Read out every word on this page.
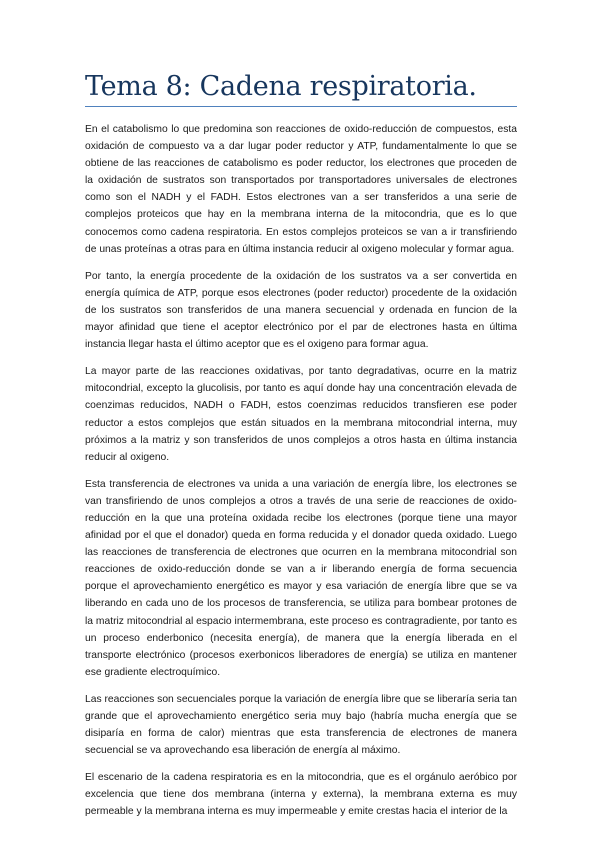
Tema 8: Cadena respiratoria.

En el catabolismo lo que predomina son reacciones de oxido-reducción de compuestos, esta oxidación de compuesto va a dar lugar poder reductor y ATP, fundamentalmente lo que se obtiene de las reacciones de catabolismo es poder reductor, los electrones que proceden de la oxidación de sustratos son transportados por transportadores universales de electrones como son el NADH y el FADH. Estos electrones van a ser transferidos a una serie de complejos proteicos que hay en la membrana interna de la mitocondria, que es lo que conocemos como cadena respiratoria. En estos complejos proteicos se van a ir transfiriendo de unas proteínas a otras para en última instancia reducir al oxigeno molecular y formar agua.

Por tanto, la energía procedente de la oxidación de los sustratos va a ser convertida en energía química de ATP, porque esos electrones (poder reductor) procedente de la oxidación de los sustratos son transferidos de una manera secuencial y ordenada en funcion de la mayor afinidad que tiene el aceptor electrónico por el par de electrones hasta en última instancia llegar hasta el último aceptor que es el oxigeno para formar agua.

La mayor parte de las reacciones oxidativas, por tanto degradativas, ocurre en la matriz mitocondrial, excepto la glucolisis, por tanto es aquí donde hay una concentración elevada de coenzimas reducidos, NADH o FADH, estos coenzimas reducidos transfieren ese poder reductor a estos complejos que están situados en la membrana mitocondrial interna, muy próximos a la matriz y son transferidos de unos complejos a otros hasta en última instancia reducir al oxigeno.

Esta transferencia de electrones va unida a una variación de energía libre, los electrones se van transfiriendo de unos complejos a otros a través de una serie de reacciones de oxido-reducción en la que una proteína oxidada recibe los electrones (porque tiene una mayor afinidad por el que el donador) queda en forma reducida y el donador queda oxidado. Luego las reacciones de transferencia de electrones que ocurren en la membrana mitocondrial son reacciones de oxido-reducción donde se van a ir liberando energía de forma secuencia porque el aprovechamiento energético es mayor y esa variación de energía libre que se va liberando en cada uno de los procesos de transferencia, se utiliza para bombear protones de la matriz mitocondrial al espacio intermembrana, este proceso es contragradiente, por tanto es un proceso enderbonico (necesita energía), de manera que la energía liberada en el transporte electrónico (procesos exerbonicos liberadores de energía) se utiliza en mantener ese gradiente electroquímico.

Las reacciones son secuenciales porque la variación de energía libre que se liberaría seria tan grande que el aprovechamiento energético seria muy bajo (habría mucha energía que se disiparía en forma de calor) mientras que esta transferencia de electrones de manera secuencial se va aprovechando esa liberación de energía al máximo.

El escenario de la cadena respiratoria es en la mitocondria, que es el orgánulo aeróbico por excelencia que tiene dos membrana (interna y externa), la membrana externa es muy permeable y la membrana interna es muy impermeable y emite crestas hacia el interior de la
